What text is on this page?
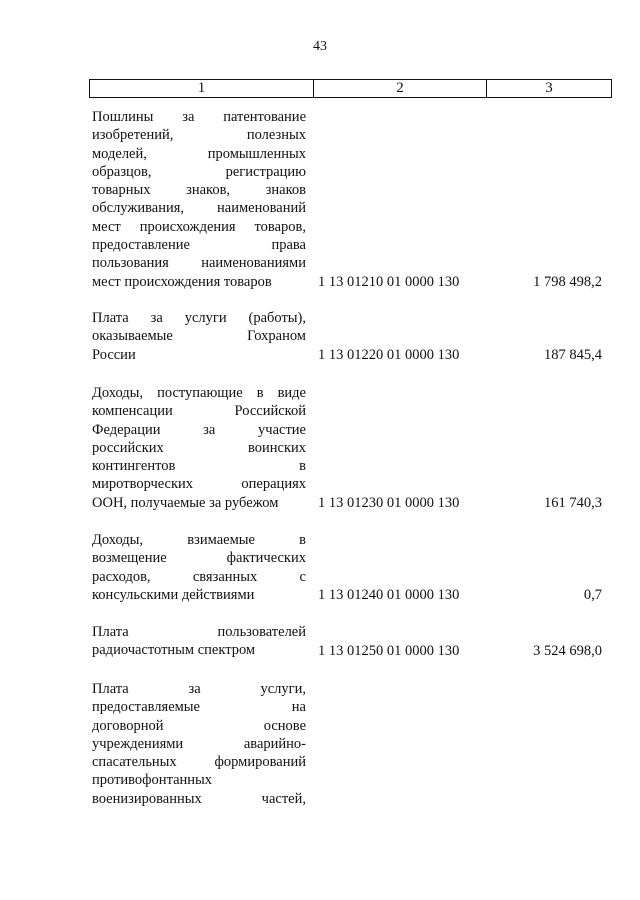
43
1	2	3
Пошлины за патентование
изобретений, полезных
моделей, промышленных
образцов, регистрацию
товарных знаков, знаков
обслуживания, наименований
мест происхождения товаров,
предоставление права
пользования наименованиями
мест происхождения товаров	1 13 01210 01 0000 130	1 798 498,2
Плата за услуги (работы),
оказываемые Гохраном
России	1 13 01220 01 0000 130	187 845,4
Доходы, поступающие в виде
компенсации Российской
Федерации за участие
российских воинских
контингентов в
миротворческих операциях
ООН, получаемые за рубежом	1 13 01230 01 0000 130	161 740,3
Доходы, взимаемые в
возмещение фактических
расходов, связанных с
консульскими действиями	1 13 01240 01 0000 130	0,7
Плата пользователей
радиочастотным спектром	1 13 01250 01 0000 130	3 524 698,0
Плата за услуги,
предоставляемые на
договорной основе
учреждениями аварийно-
спасательных формирований
противофонтанных
военизированных частей,
